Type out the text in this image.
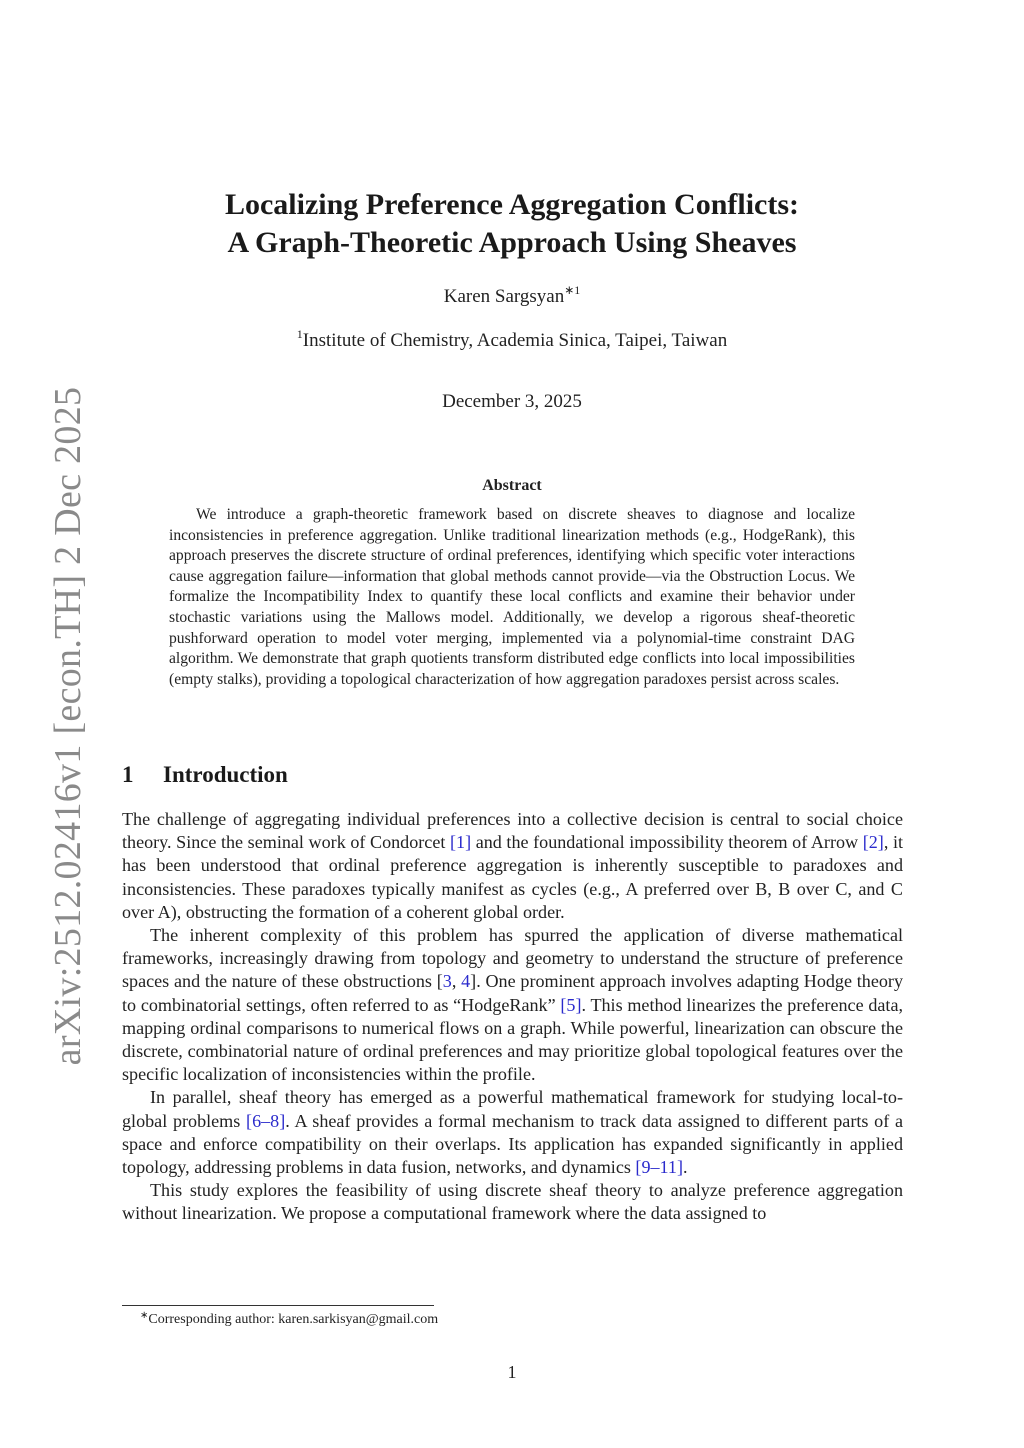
arXiv:2512.02416v1 [econ.TH] 2 Dec 2025
Localizing Preference Aggregation Conflicts:
A Graph-Theoretic Approach Using Sheaves
Karen Sargsyan$^{∗1}$
$^1$Institute of Chemistry, Academia Sinica, Taipei, Taiwan
December 3, 2025
Abstract
We introduce a graph-theoretic framework based on discrete sheaves to diagnose and localize inconsistencies in preference aggregation. Unlike traditional linearization methods (e.g., HodgeRank), this approach preserves the discrete structure of ordinal preferences, identifying which specific voter interactions cause aggregation failure—information that global methods cannot provide—via the Obstruction Locus. We formalize the Incompatibility Index to quantify these local conflicts and examine their behavior under stochastic variations using the Mallows model. Additionally, we develop a rigorous sheaf-theoretic pushforward operation to model voter merging, implemented via a polynomial-time constraint DAG algorithm. We demonstrate that graph quotients transform distributed edge conflicts into local impossibilities (empty stalks), providing a topological characterization of how aggregation paradoxes persist across scales.
1 Introduction

The challenge of aggregating individual preferences into a collective decision is central to social choice theory. Since the seminal work of Condorcet [1] and the foundational impossibility theorem of Arrow [2], it has been understood that ordinal preference aggregation is inherently susceptible to paradoxes and inconsistencies. These paradoxes typically manifest as cycles (e.g., A preferred over B, B over C, and C over A), obstructing the formation of a coherent global order.

The inherent complexity of this problem has spurred the application of diverse mathematical frameworks, increasingly drawing from topology and geometry to understand the structure of preference spaces and the nature of these obstructions [3, 4]. One prominent approach involves adapting Hodge theory to combinatorial settings, often referred to as “HodgeRank” [5]. This method linearizes the preference data, mapping ordinal comparisons to numerical flows on a graph. While powerful, linearization can obscure the discrete, combinatorial nature of ordinal preferences and may prioritize global topological features over the specific localization of inconsistencies within the profile.

In parallel, sheaf theory has emerged as a powerful mathematical framework for studying local-to-global problems [6–8]. A sheaf provides a formal mechanism to track data assigned to different parts of a space and enforce compatibility on their overlaps. Its application has expanded significantly in applied topology, addressing problems in data fusion, networks, and dynamics [9–11].

This study explores the feasibility of using discrete sheaf theory to analyze preference aggregation without linearization. We propose a computational framework where the data assigned to

∗Corresponding author: karen.sarkisyan@gmail.com
1
